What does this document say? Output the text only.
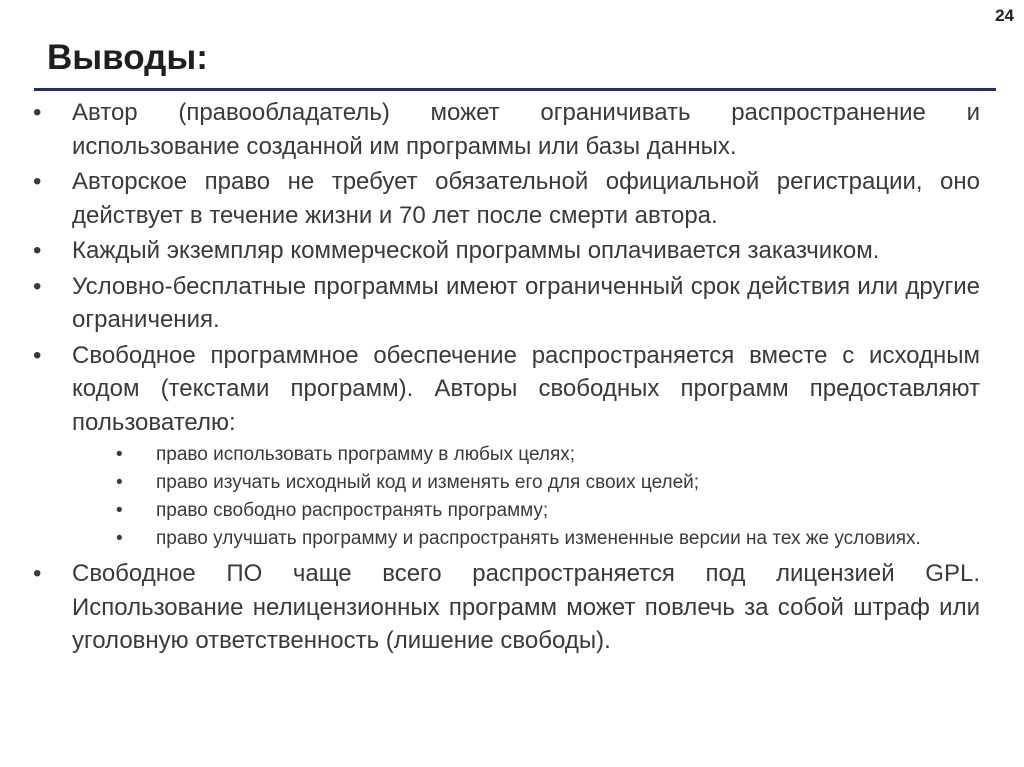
24
Выводы:
• Автор (правообладатель) может ограничивать распространение и использование созданной им программы или базы данных.
• Авторское право не требует обязательной официальной регистрации, оно действует в течение жизни и 70 лет после смерти автора.
• Каждый экземпляр коммерческой программы оплачивается заказчиком.
• Условно-бесплатные программы имеют ограниченный срок действия или другие ограничения.
• Свободное программное обеспечение распространяется вместе с исходным кодом (текстами программ). Авторы свободных программ предоставляют пользователю:
• право использовать программу в любых целях;
• право изучать исходный код и изменять его для своих целей;
• право свободно распространять программу;
• право улучшать программу и распространять измененные версии на тех же условиях.
• Свободное ПО чаще всего распространяется под лицензией GPL. Использование нелицензионных программ может повлечь за собой штраф или уголовную ответственность (лишение свободы).
